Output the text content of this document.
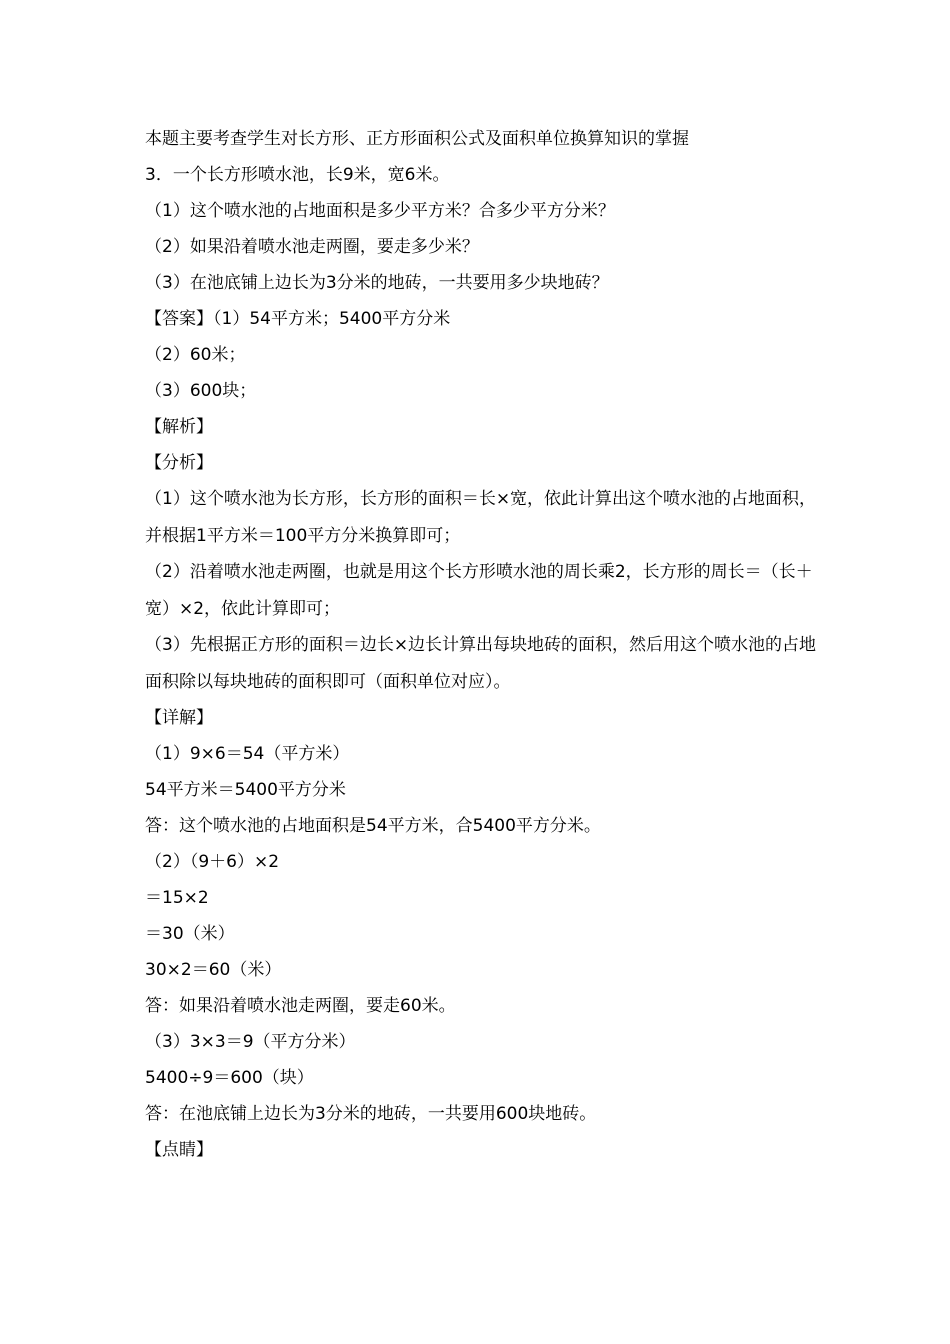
本题主要考查学生对长方形、正方形面积公式及面积单位换算知识的掌握
3．一个长方形喷水池，长9米，宽6米。
（1）这个喷水池的占地面积是多少平方米？合多少平方分米？
（2）如果沿着喷水池走两圈，要走多少米？
（3）在池底铺上边长为3分米的地砖，一共要用多少块地砖？
【答案】（1）54平方米；5400平方分米
（2）60米；
（3）600块；
【解析】
【分析】
（1）这个喷水池为长方形，长方形的面积＝长×宽，依此计算出这个喷水池的占地面积，并根据1平方米＝100平方分米换算即可；
（2）沿着喷水池走两圈，也就是用这个长方形喷水池的周长乘2，长方形的周长＝（长＋宽）×2，依此计算即可；
（3）先根据正方形的面积＝边长×边长计算出每块地砖的面积，然后用这个喷水池的占地面积除以每块地砖的面积即可（面积单位对应）。
【详解】
（1）9×6＝54（平方米）
54平方米＝5400平方分米
答：这个喷水池的占地面积是54平方米，合5400平方分米。
（2）（9＋6）×2
＝15×2
＝30（米）
30×2＝60（米）
答：如果沿着喷水池走两圈，要走60米。
（3）3×3＝9（平方分米）
5400÷9＝600（块）
答：在池底铺上边长为3分米的地砖，一共要用600块地砖。
【点睛】
